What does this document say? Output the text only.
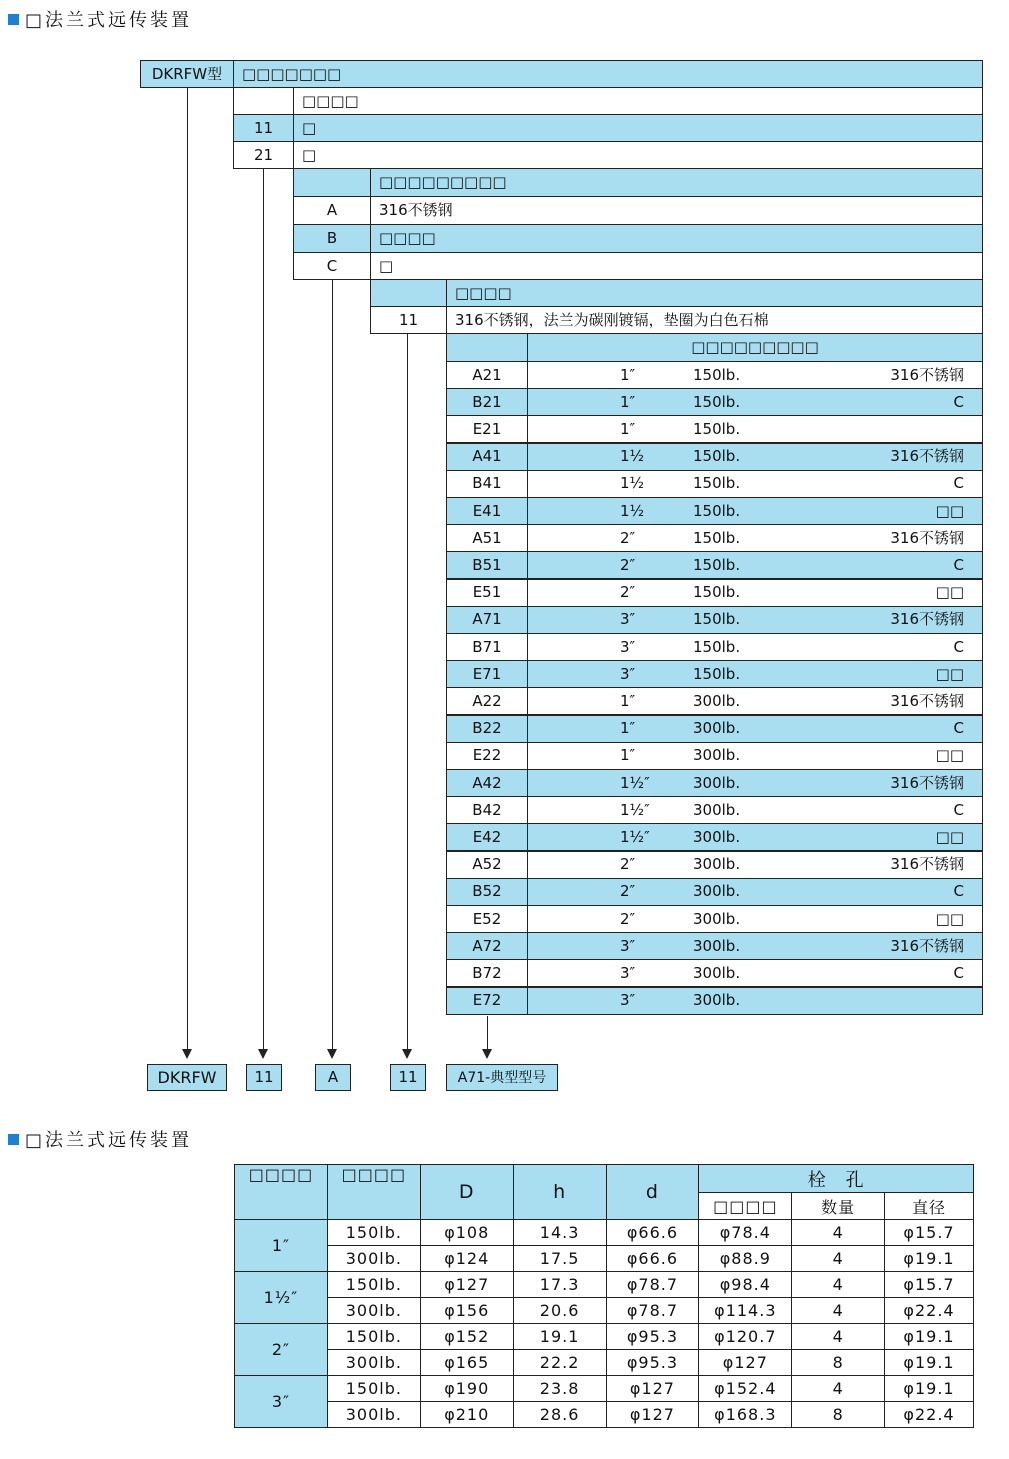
□法兰式远传装置
DKRFW型	□□□□□□□
□□□□
11	□
21	□
□□□□□□□□□
A	316不锈钢
B	□□□□
C	□
□□□□
11	316不锈钢，法兰为碳刚镀镉，垫圈为白色石棉
□□□□□□□□□
A21	1″	150lb.	316不锈钢
B21	1″	150lb.	C
E21	1″	150lb.
A41	1½	150lb.	316不锈钢
B41	1½	150lb.	C
E41	1½	150lb.	□□
A51	2″	150lb.	316不锈钢
B51	2″	150lb.	C
E51	2″	150lb.	□□
A71	3″	150lb.	316不锈钢
B71	3″	150lb.	C
E71	3″	150lb.	□□
A22	1″	300lb.	316不锈钢
B22	1″	300lb.	C
E22	1″	300lb.	□□
A42	1½″	300lb.	316不锈钢
B42	1½″	300lb.	C
E42	1½″	300lb.	□□
A52	2″	300lb.	316不锈钢
B52	2″	300lb.	C
E52	2″	300lb.	□□
A72	3″	300lb.	316不锈钢
B72	3″	300lb.	C
E72	3″	300lb.
DKRFW	11	A	11	A71-典型型号
□法兰式远传装置
□□□□	□□□□	D	h	d	栓　孔		
					□□□□	数量	直径
1″	150lb.	φ108	14.3	φ66.6	φ78.4	4	φ15.7
	300lb.	φ124	17.5	φ66.6	φ88.9	4	φ19.1
1½″	150lb.	φ127	17.3	φ78.7	φ98.4	4	φ15.7
	300lb.	φ156	20.6	φ78.7	φ114.3	4	φ22.4
2″	150lb.	φ152	19.1	φ95.3	φ120.7	4	φ19.1
	300lb.	φ165	22.2	φ95.3	φ127	8	φ19.1
3″	150lb.	φ190	23.8	φ127	φ152.4	4	φ19.1
	300lb.	φ210	28.6	φ127	φ168.3	8	φ22.4
